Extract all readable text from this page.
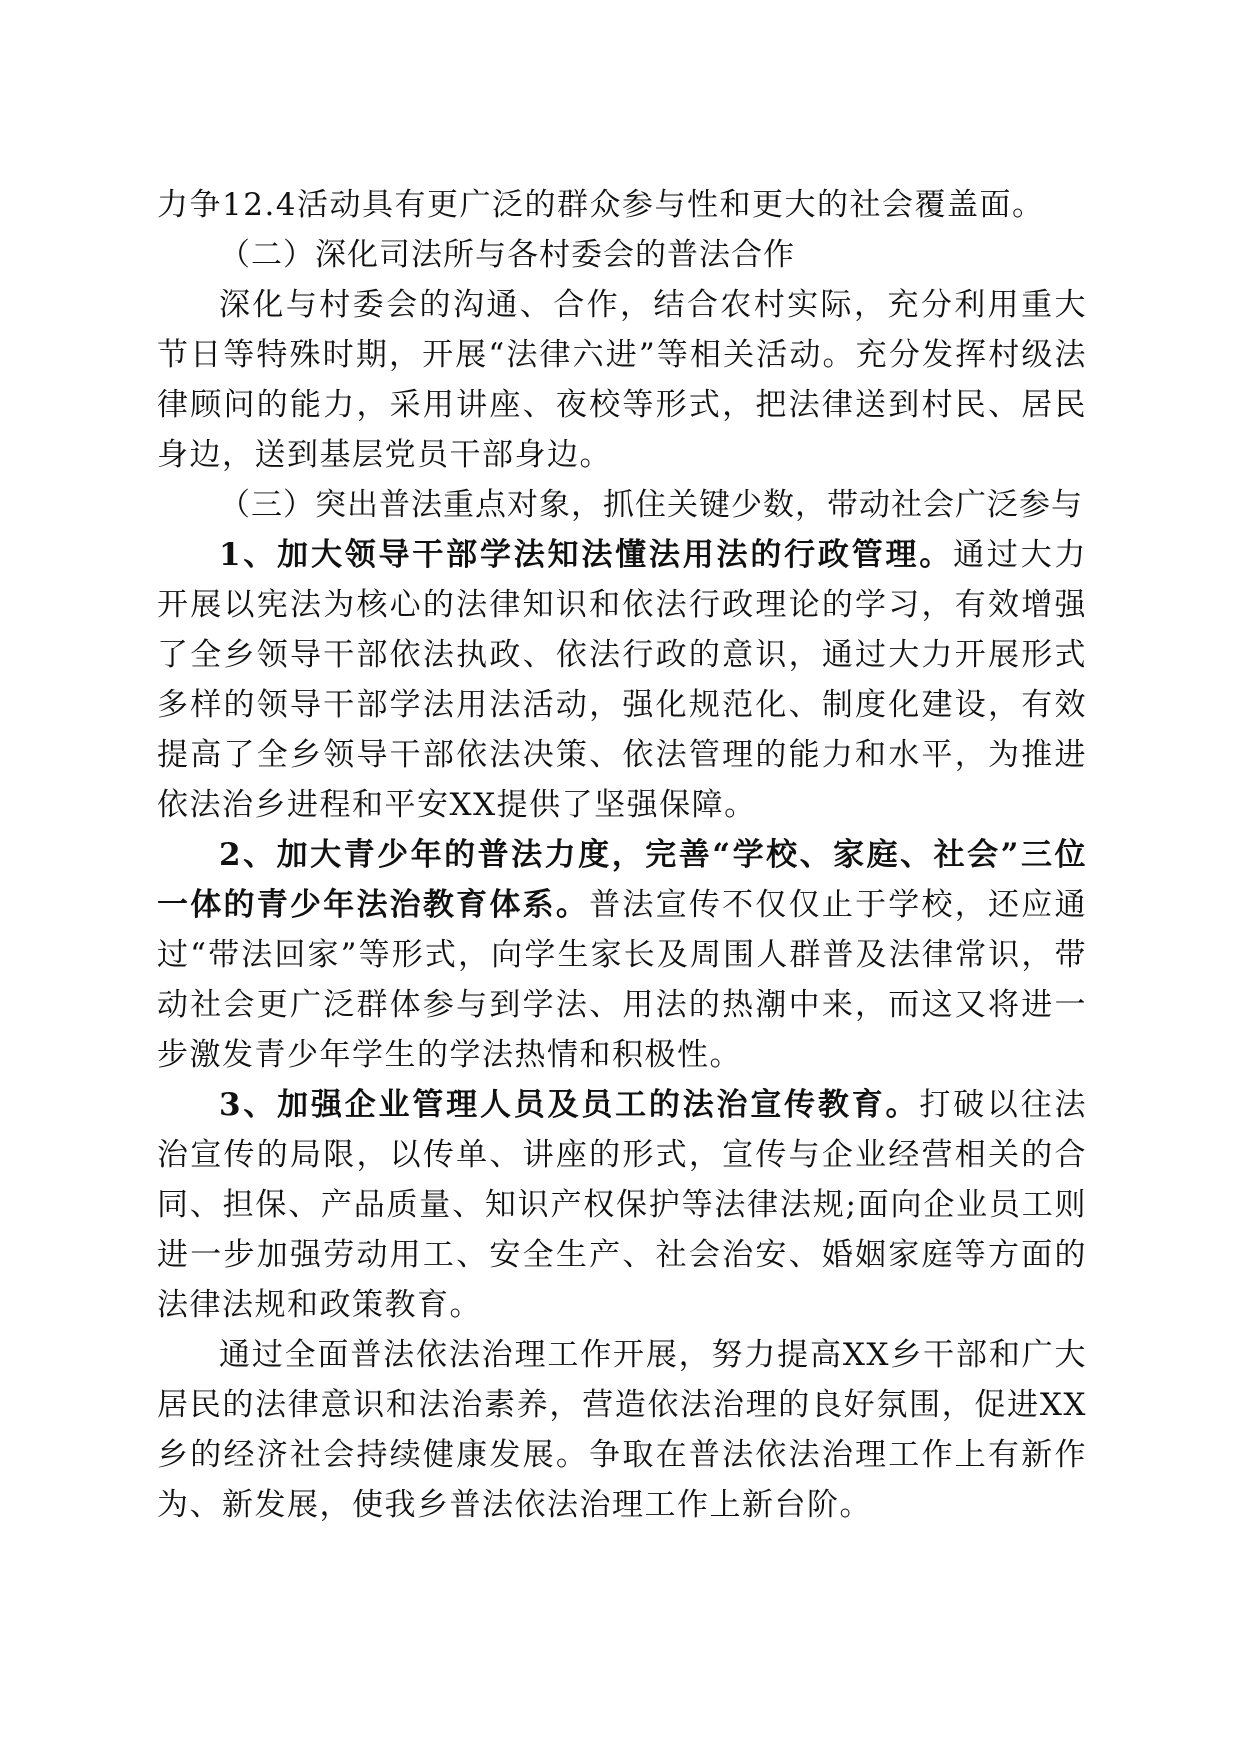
力争12.4活动具有更广泛的群众参与性和更大的社会覆盖面。

（二）深化司法所与各村委会的普法合作

深化与村委会的沟通、合作，结合农村实际，充分利用重大节日等特殊时期，开展“法律六进”等相关活动。充分发挥村级法律顾问的能力，采用讲座、夜校等形式，把法律送到村民、居民身边，送到基层党员干部身边。

（三）突出普法重点对象，抓住关键少数，带动社会广泛参与

1、加大领导干部学法知法懂法用法的行政管理。通过大力开展以宪法为核心的法律知识和依法行政理论的学习，有效增强了全乡领导干部依法执政、依法行政的意识，通过大力开展形式多样的领导干部学法用法活动，强化规范化、制度化建设，有效提高了全乡领导干部依法决策、依法管理的能力和水平，为推进依法治乡进程和平安XX提供了坚强保障。

2、加大青少年的普法力度，完善“学校、家庭、社会”三位一体的青少年法治教育体系。普法宣传不仅仅止于学校，还应通过“带法回家”等形式，向学生家长及周围人群普及法律常识，带动社会更广泛群体参与到学法、用法的热潮中来，而这又将进一步激发青少年学生的学法热情和积极性。

3、加强企业管理人员及员工的法治宣传教育。打破以往法治宣传的局限，以传单、讲座的形式，宣传与企业经营相关的合同、担保、产品质量、知识产权保护等法律法规;面向企业员工则进一步加强劳动用工、安全生产、社会治安、婚姻家庭等方面的法律法规和政策教育。

通过全面普法依法治理工作开展，努力提高XX乡干部和广大居民的法律意识和法治素养，营造依法治理的良好氛围，促进XX乡的经济社会持续健康发展。争取在普法依法治理工作上有新作为、新发展，使我乡普法依法治理工作上新台阶。
